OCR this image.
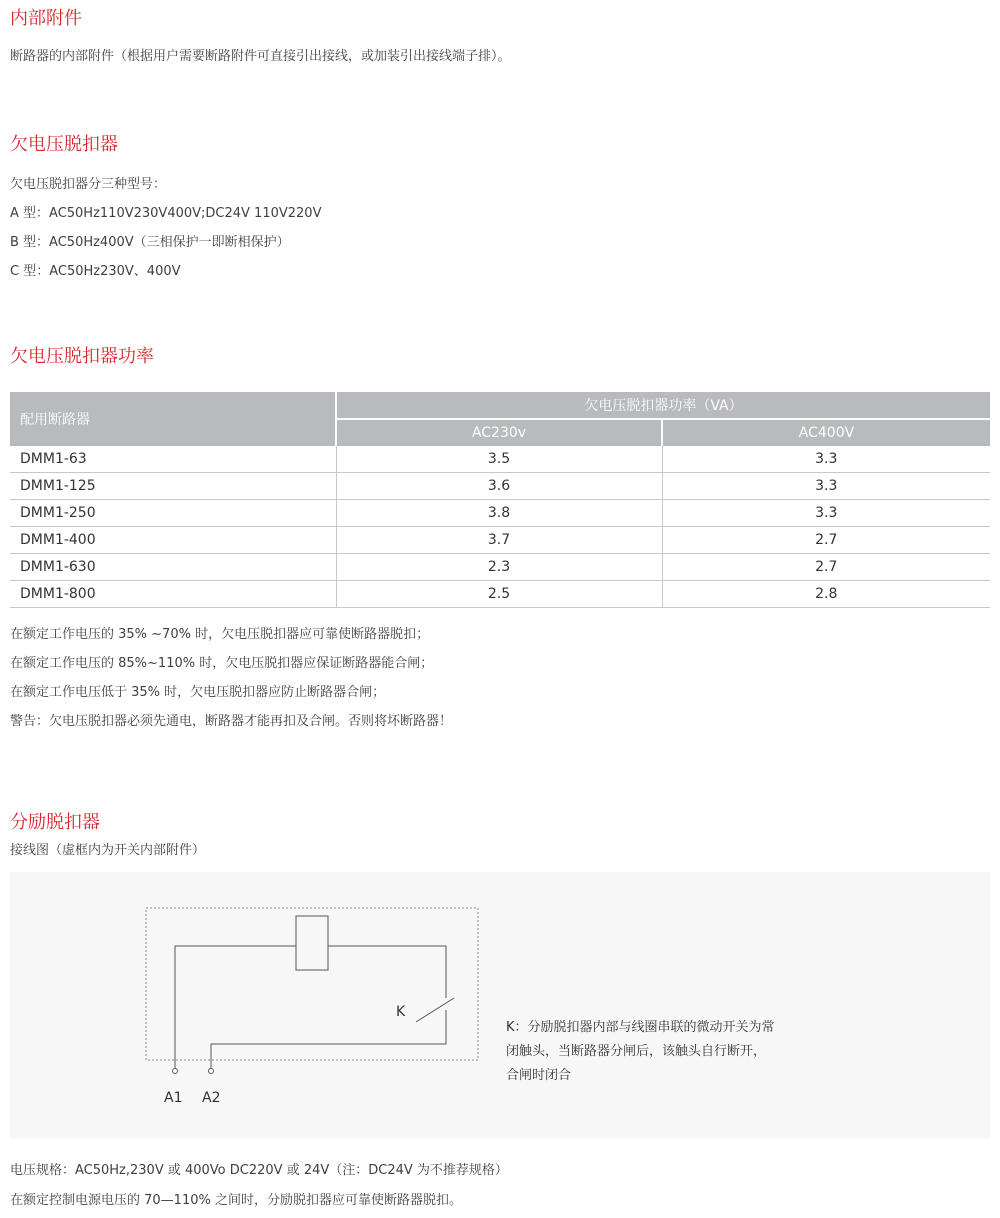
内部附件

断路器的内部附件（根据用户需要断路附件可直接引出接线，或加装引出接线端子排）。

欠电压脱扣器

欠电压脱扣器分三种型号：

A 型：AC50Hz110V230V400V;DC24V 110V220V

B 型：AC50Hz400V（三相保护一即断相保护）

C 型：AC50Hz230V、400V

欠电压脱扣器功率
配用断路器	欠电压脱扣器功率（VA）	
	AC230v	AC400V
DMM1-63	3.5	3.3
DMM1-125	3.6	3.3
DMM1-250	3.8	3.3
DMM1-400	3.7	2.7
DMM1-630	2.3	2.7
DMM1-800	2.5	2.8

在额定工作电压的 35% ~70% 时，欠电压脱扣器应可靠使断路器脱扣；

在额定工作电压的 85%~110% 时，欠电压脱扣器应保证断路器能合闸；

在额定工作电压低于 35% 时，欠电压脱扣器应防止断路器合闸；

警告：欠电压脱扣器必须先通电，断路器才能再扣及合闸。否则将坏断路器！

分励脱扣器

接线图（虚框内为开关内部附件）

K
A1 A2
K：分励脱扣器内部与线圈串联的微动开关为常
闭触头，当断路器分闸后，该触头自行断开，
合闸时闭合

电压规格：AC50Hz,230V 或 400Vo DC220V 或 24V（注：DC24V 为不推荐规格）

在额定控制电源电压的 70—110% 之间时，分励脱扣器应可靠使断路器脱扣。
